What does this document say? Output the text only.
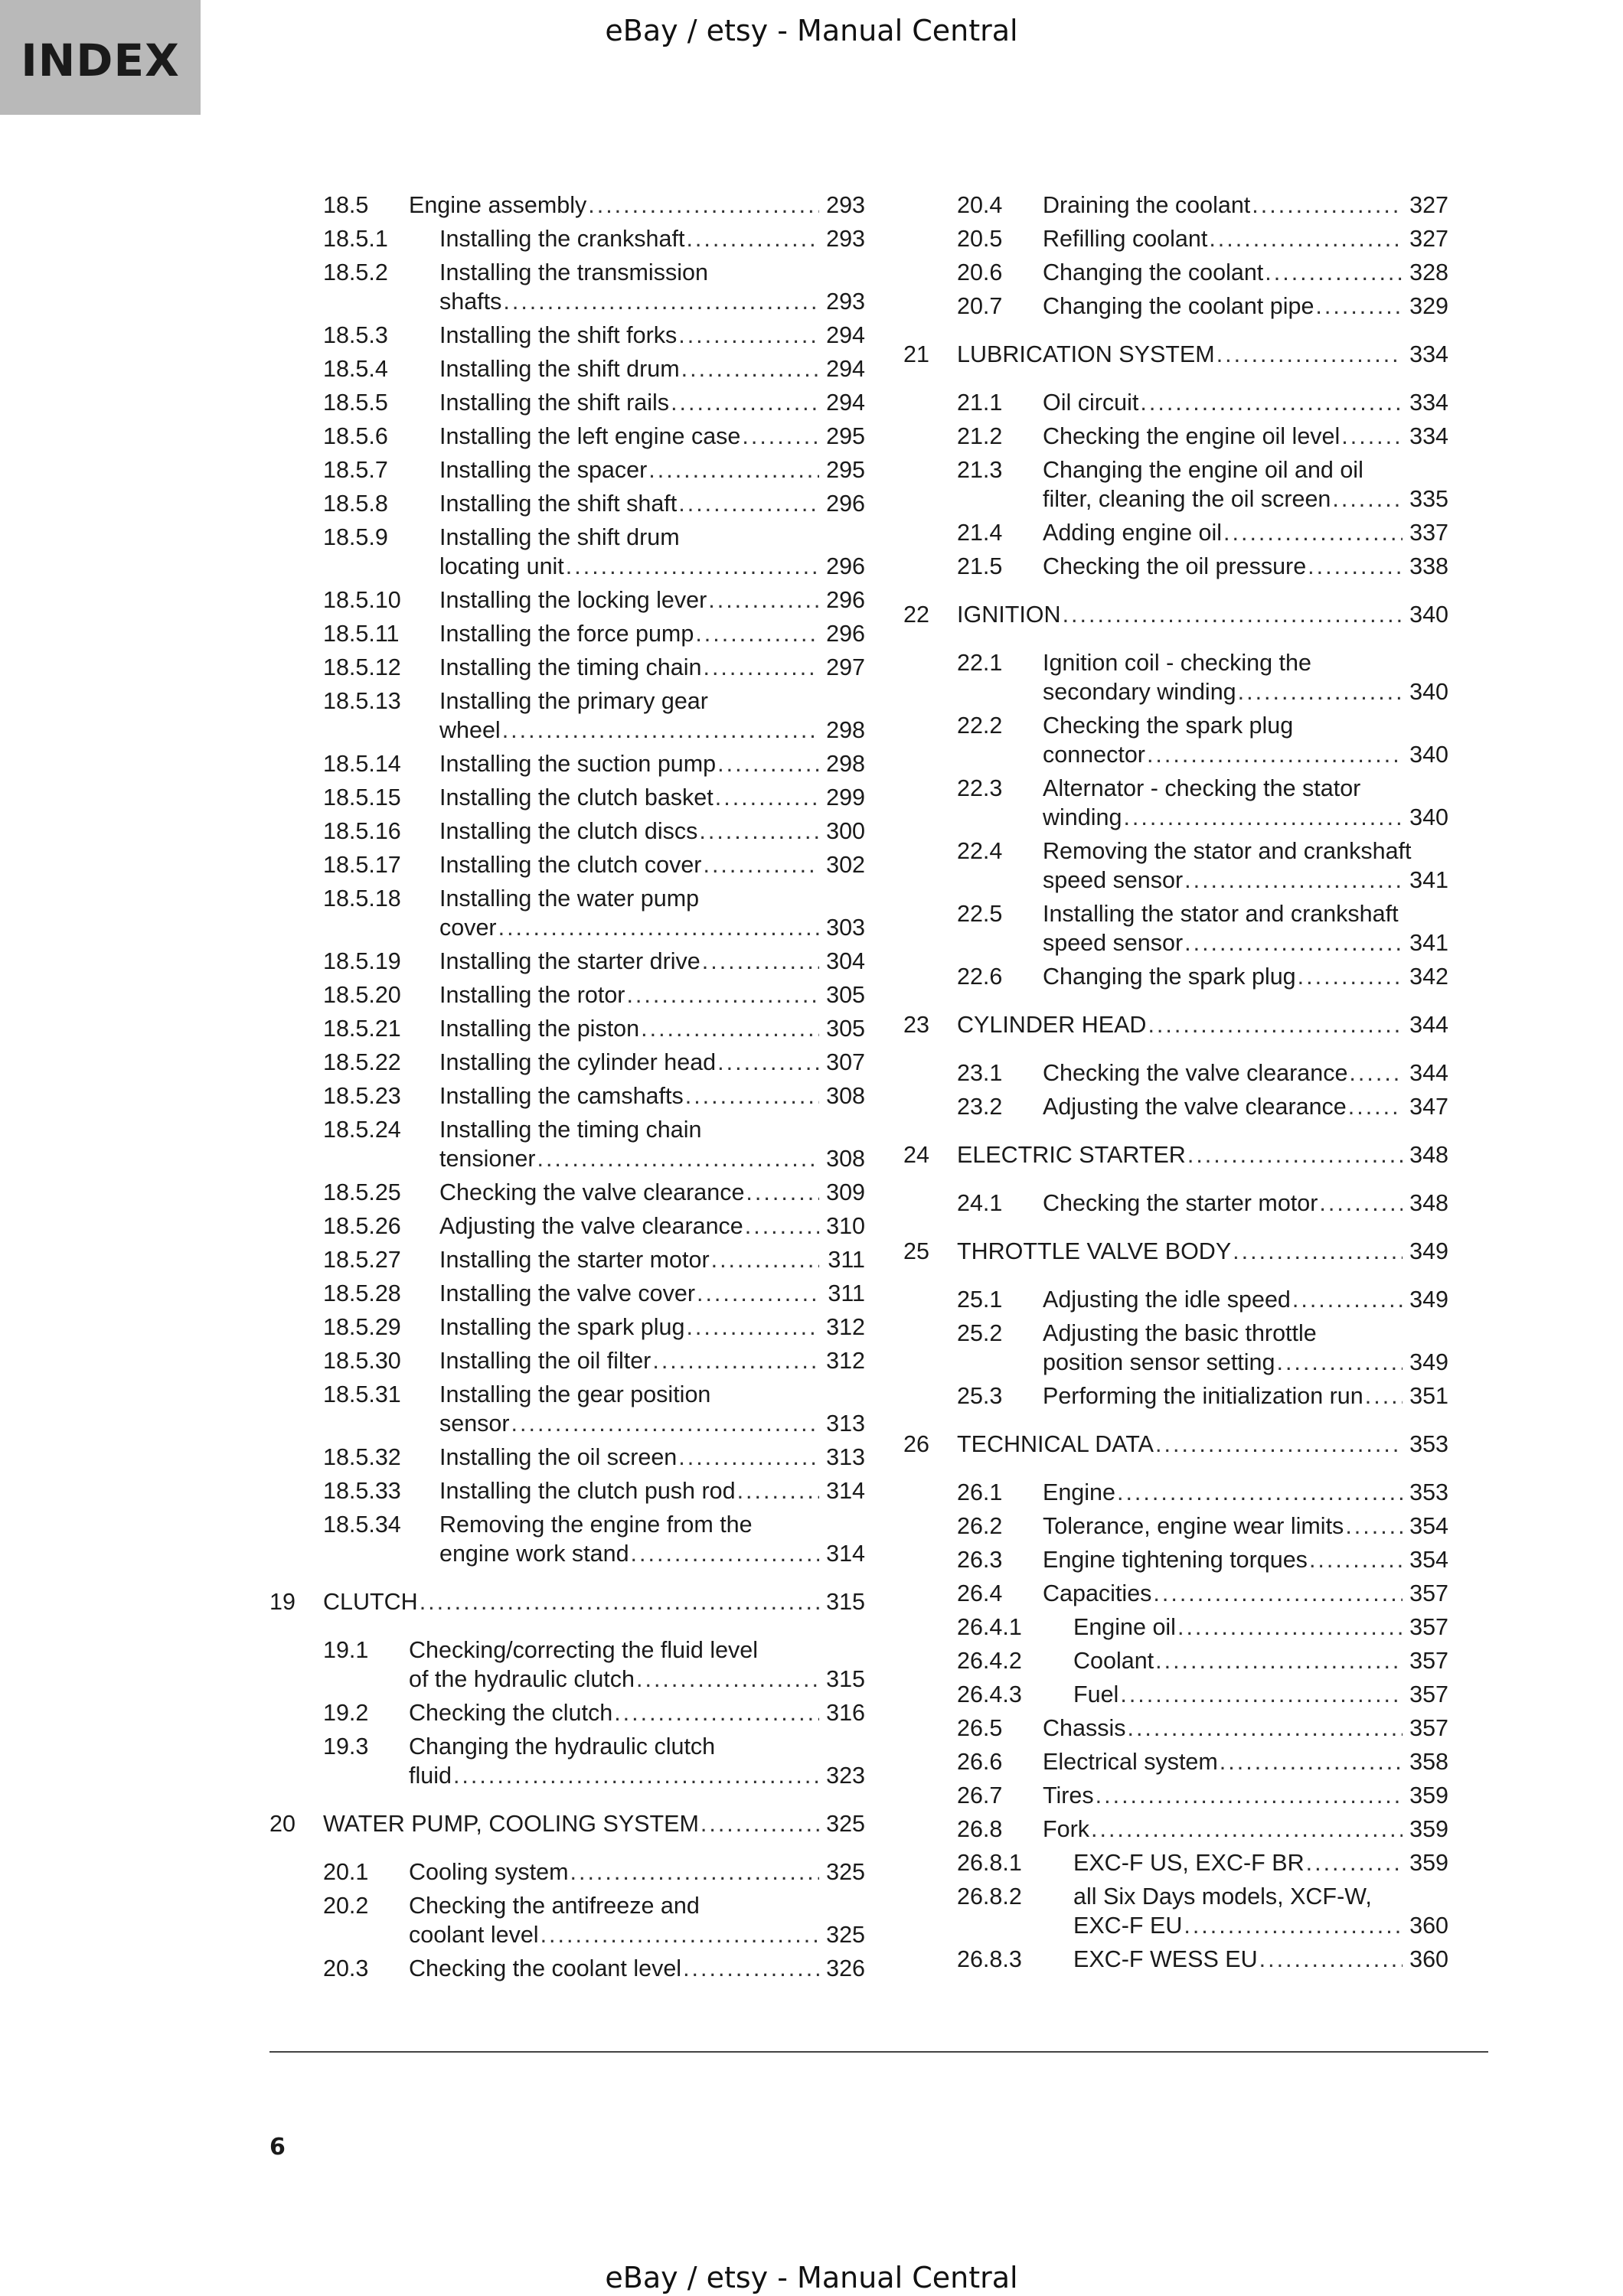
INDEX
eBay / etsy - Manual Central
18.5 Engine assembly .....	293
18.5.1 Installing the crankshaft .....	293
18.5.2 Installing the transmission
shafts .....	293
18.5.3 Installing the shift forks .....	294
18.5.4 Installing the shift drum .....	294
18.5.5 Installing the shift rails .....	294
18.5.6 Installing the left engine case .....	295
18.5.7 Installing the spacer .....	295
18.5.8 Installing the shift shaft .....	296
18.5.9 Installing the shift drum
locating unit .....	296
18.5.10 Installing the locking lever .....	296
18.5.11 Installing the force pump .....	296
18.5.12 Installing the timing chain .....	297
18.5.13 Installing the primary gear
wheel .....	298
18.5.14 Installing the suction pump .....	298
18.5.15 Installing the clutch basket .....	299
18.5.16 Installing the clutch discs .....	300
18.5.17 Installing the clutch cover .....	302
18.5.18 Installing the water pump
cover .....	303
18.5.19 Installing the starter drive .....	304
18.5.20 Installing the rotor .....	305
18.5.21 Installing the piston .....	305
18.5.22 Installing the cylinder head .....	307
18.5.23 Installing the camshafts .....	308
18.5.24 Installing the timing chain
tensioner .....	308
18.5.25 Checking the valve clearance .....	309
18.5.26 Adjusting the valve clearance .....	310
18.5.27 Installing the starter motor .....	311
18.5.28 Installing the valve cover .....	311
18.5.29 Installing the spark plug .....	312
18.5.30 Installing the oil filter .....	312
18.5.31 Installing the gear position
sensor .....	313
18.5.32 Installing the oil screen .....	313
18.5.33 Installing the clutch push rod .....	314
18.5.34 Removing the engine from the
engine work stand .....	314
19 CLUTCH .....	315
19.1 Checking/correcting the fluid level
of the hydraulic clutch .....	315
19.2 Checking the clutch .....	316
19.3 Changing the hydraulic clutch
fluid .....	323
20 WATER PUMP, COOLING SYSTEM .....	325
20.1 Cooling system .....	325
20.2 Checking the antifreeze and
coolant level .....	325
20.3 Checking the coolant level .....	326
20.4 Draining the coolant .....	327
20.5 Refilling coolant .....	327
20.6 Changing the coolant .....	328
20.7 Changing the coolant pipe .....	329
21 LUBRICATION SYSTEM .....	334
21.1 Oil circuit .....	334
21.2 Checking the engine oil level .....	334
21.3 Changing the engine oil and oil
filter, cleaning the oil screen .....	335
21.4 Adding engine oil .....	337
21.5 Checking the oil pressure .....	338
22 IGNITION .....	340
22.1 Ignition coil - checking the
secondary winding .....	340
22.2 Checking the spark plug
connector .....	340
22.3 Alternator - checking the stator
winding .....	340
22.4 Removing the stator and crankshaft
speed sensor .....	341
22.5 Installing the stator and crankshaft
speed sensor .....	341
22.6 Changing the spark plug .....	342
23 CYLINDER HEAD .....	344
23.1 Checking the valve clearance .....	344
23.2 Adjusting the valve clearance .....	347
24 ELECTRIC STARTER .....	348
24.1 Checking the starter motor .....	348
25 THROTTLE VALVE BODY .....	349
25.1 Adjusting the idle speed .....	349
25.2 Adjusting the basic throttle
position sensor setting .....	349
25.3 Performing the initialization run ..... 351
26 TECHNICAL DATA .....	353
26.1 Engine .....	353
26.2 Tolerance, engine wear limits .....	354
26.3 Engine tightening torques .....	354
26.4 Capacities .....	357
26.4.1 Engine oil .....	357
26.4.2 Coolant .....	357
26.4.3 Fuel .....	357
26.5 Chassis .....	357
26.6 Electrical system .....	358
26.7 Tires .....	359
26.8 Fork .....	359
26.8.1 EXC-F US, EXC-F BR .....	359
26.8.2 all Six Days models, XCF-W,
EXC-F EU .....	360
26.8.3 EXC-F WESS EU .....	360
6
eBay / etsy - Manual Central
